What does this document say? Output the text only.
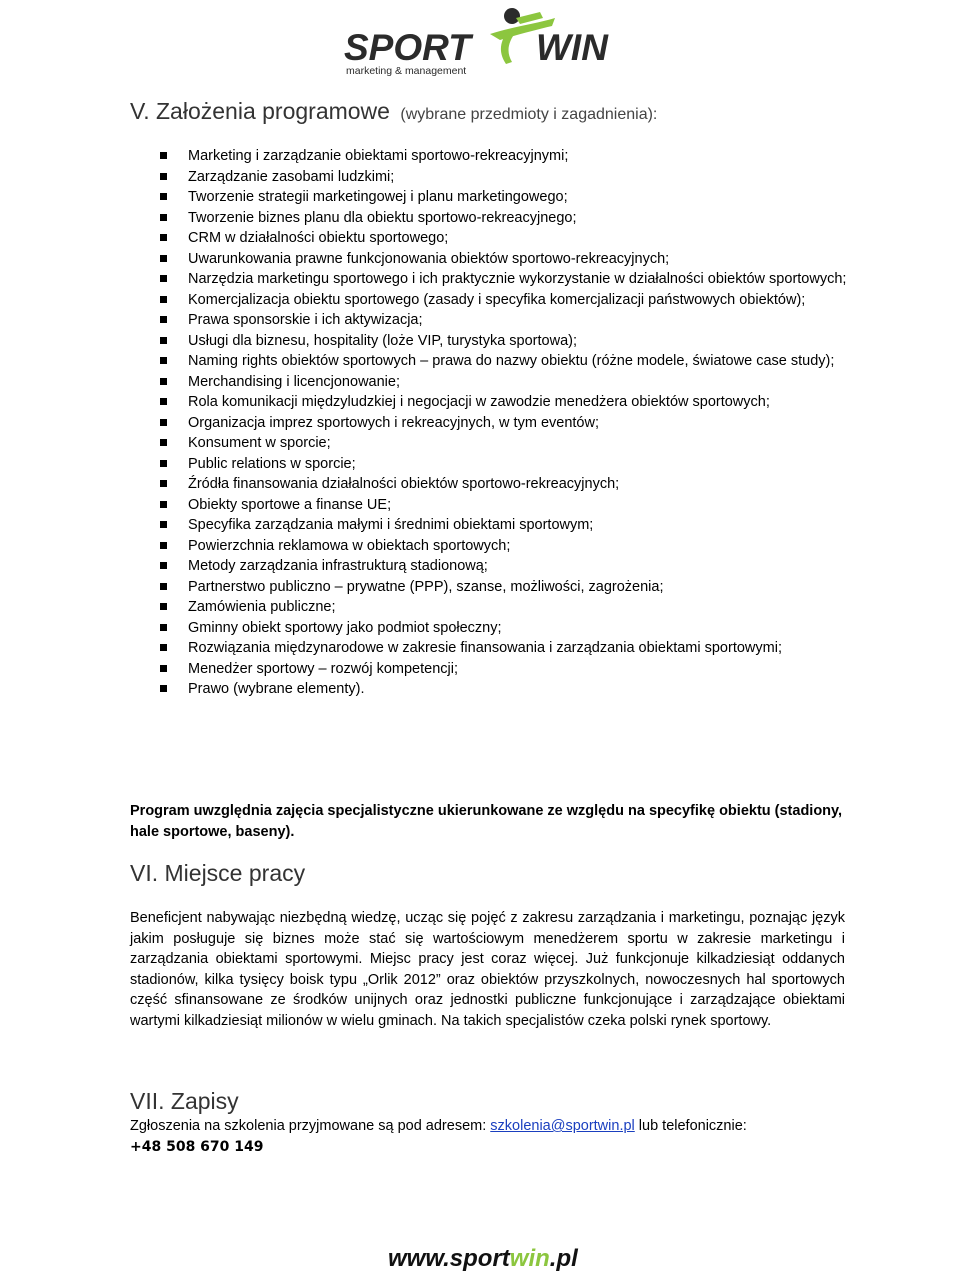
SPORT WIN
marketing & management
V. Założenia programowe (wybrane przedmioty i zagadnienia):
Marketing i zarządzanie obiektami sportowo-rekreacyjnymi;
Zarządzanie zasobami ludzkimi;
Tworzenie strategii marketingowej i planu marketingowego;
Tworzenie biznes planu dla obiektu sportowo-rekreacyjnego;
CRM w działalności obiektu sportowego;
Uwarunkowania prawne funkcjonowania obiektów sportowo-rekreacyjnych;
Narzędzia marketingu sportowego i ich praktycznie wykorzystanie w działalności obiektów sportowych;
Komercjalizacja obiektu sportowego (zasady i specyfika komercjalizacji państwowych obiektów);
Prawa sponsorskie i ich aktywizacja;
Usługi dla biznesu, hospitality (loże VIP, turystyka sportowa);
Naming rights obiektów sportowych – prawa do nazwy obiektu (różne modele, światowe case study);
Merchandising i licencjonowanie;
Rola komunikacji międzyludzkiej i negocjacji w zawodzie menedżera obiektów sportowych;
Organizacja imprez sportowych i rekreacyjnych, w tym eventów;
Konsument w sporcie;
Public relations w sporcie;
Źródła finansowania działalności obiektów sportowo-rekreacyjnych;
Obiekty sportowe a finanse UE;
Specyfika zarządzania małymi i średnimi obiektami sportowym;
Powierzchnia reklamowa w obiektach sportowych;
Metody zarządzania infrastrukturą stadionową;
Partnerstwo publiczno – prywatne (PPP), szanse, możliwości, zagrożenia;
Zamówienia publiczne;
Gminny obiekt sportowy jako podmiot społeczny;
Rozwiązania międzynarodowe w zakresie finansowania i zarządzania obiektami sportowymi;
Menedżer sportowy – rozwój kompetencji;
Prawo (wybrane elementy).
Program uwzględnia zajęcia specjalistyczne ukierunkowane ze względu na specyfikę obiektu (stadiony, hale sportowe, baseny).
VI. Miejsce pracy
Beneficjent nabywając niezbędną wiedzę, ucząc się pojęć z zakresu zarządzania i marketingu, poznając język jakim posługuje się biznes może stać się wartościowym menedżerem sportu w zakresie marketingu i zarządzania obiektami sportowymi. Miejsc pracy jest coraz więcej. Już funkcjonuje kilkadziesiąt oddanych stadionów, kilka tysięcy boisk typu „Orlik 2012” oraz obiektów przyszkolnych, nowoczesnych hal sportowych część sfinansowane ze środków unijnych oraz jednostki publiczne funkcjonujące i zarządzające obiektami wartymi kilkadziesiąt milionów w wielu gminach. Na takich specjalistów czeka polski rynek sportowy.
VII. Zapisy
Zgłoszenia na szkolenia przyjmowane są pod adresem: szkolenia@sportwin.pl lub telefonicznie:
+48 508 670 149
www.sportwin.pl
